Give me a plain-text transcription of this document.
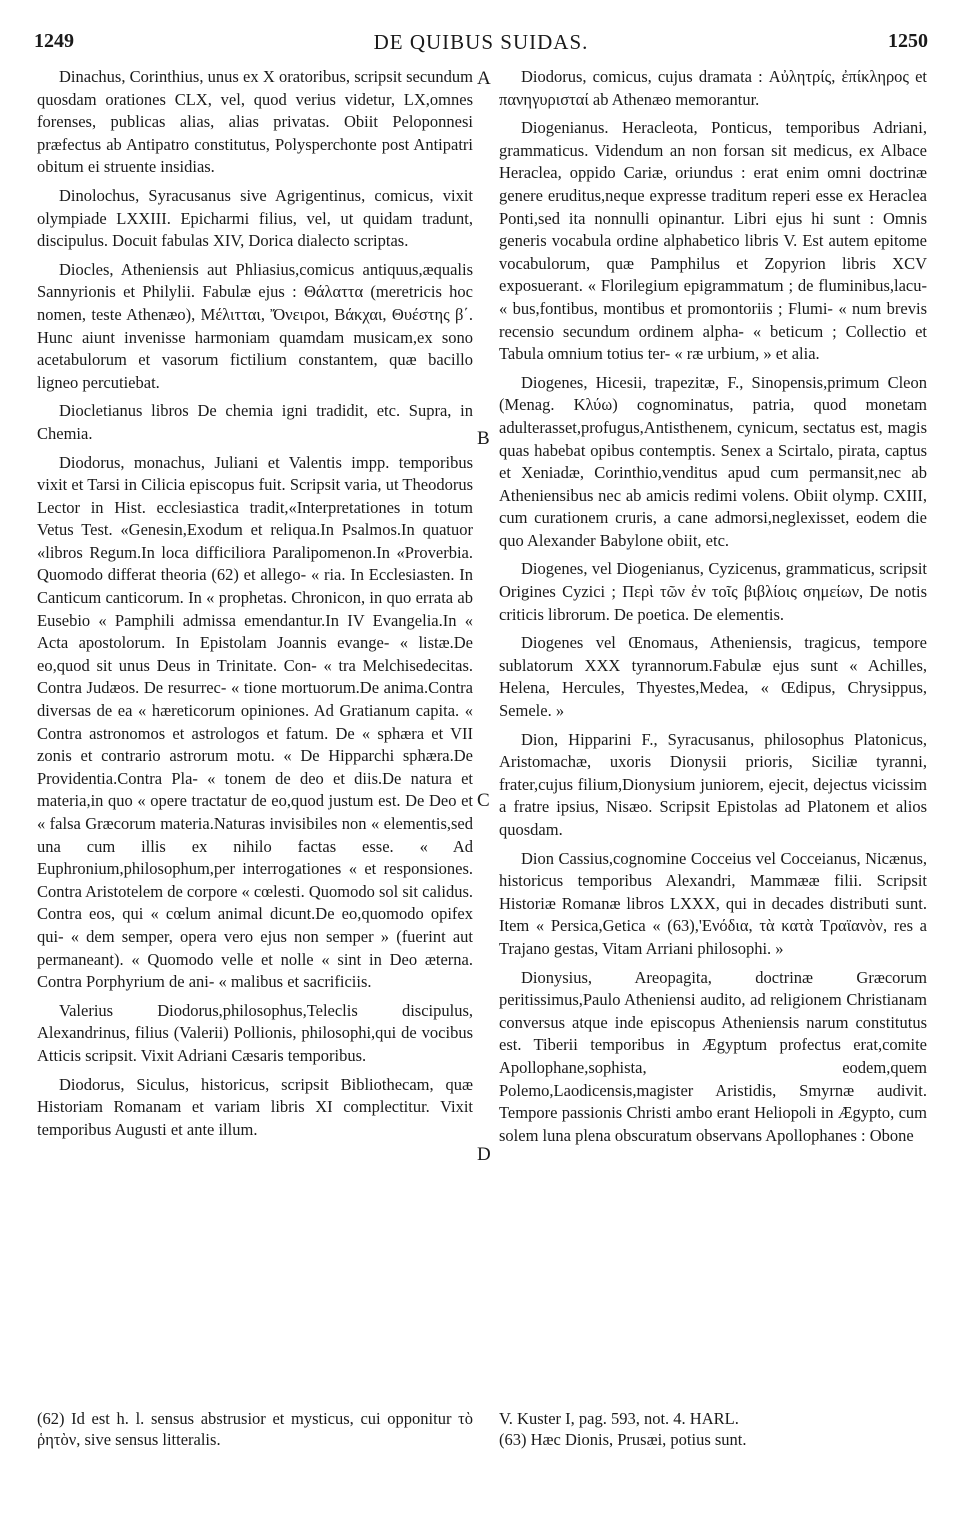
1249	DE QUIBUS SUIDAS.	1250
A
B
C
D

Dinachus, Corinthius, unus ex X oratoribus, scripsit secundum quosdam orationes CLX, vel, quod verius videtur, LX,omnes forenses, publicas alias, alias privatas. Obiit Peloponnesi præfectus ab Antipatro constitutus, Polysperchonte post Antipatri obitum ei struente insidias.

Dinolochus, Syracusanus sive Agrigentinus, comicus, vixit olympiade LXXIII. Epicharmi filius, vel, ut quidam tradunt, discipulus. Docuit fabulas XIV, Dorica dialecto scriptas.

Diocles, Atheniensis aut Phliasius,comicus antiquus,æqualis Sannyrionis et Philylii. Fabulæ ejus : Θάλαττα (meretricis hoc nomen, teste Athenæo), Μέλιτται, Ὄνειροι, Βάκχαι, Θυέστης β΄. Hunc aiunt invenisse harmoniam quamdam musicam,ex sono acetabulorum et vasorum fictilium constantem, quæ bacillo ligneo percutiebat.

Diocletianus libros De chemia igni tradidit, etc. Supra, in Chemia.

Diodorus, monachus, Juliani et Valentis impp. temporibus vixit et Tarsi in Cilicia episcopus fuit. Scripsit varia, ut Theodorus Lector in Hist. ecclesiastica tradit,«Interpretationes in totum Vetus Test. «Genesin,Exodum et reliqua.In Psalmos.In quatuor «libros Regum.In loca difficiliora Paralipomenon.In «Proverbia. Quomodo differat theoria (62) et allego- « ria. In Ecclesiasten. In Canticum canticorum. In « prophetas. Chronicon, in quo errata ab Eusebio « Pamphili admissa emendantur.In IV Evangelia.In « Acta apostolorum. In Epistolam Joannis evange- « listæ.De eo,quod sit unus Deus in Trinitate. Con- « tra Melchisedecitas. Contra Judæos. De resurrec- « tione mortuorum.De anima.Contra diversas de ea « hæreticorum opiniones. Ad Gratianum capita. « Contra astronomos et astrologos et fatum. De « sphæra et VII zonis et contrario astrorum motu. « De Hipparchi sphæra.De Providentia.Contra Pla- « tonem de deo et diis.De natura et materia,in quo « opere tractatur de eo,quod justum est. De Deo et « falsa Græcorum materia.Naturas invisibiles non « elementis,sed una cum illis ex nihilo factas esse. « Ad Euphronium,philosophum,per interrogationes « et responsiones. Contra Aristotelem de corpore « cœlesti. Quomodo sol sit calidus. Contra eos, qui « cœlum animal dicunt.De eo,quomodo opifex qui- « dem semper, opera vero ejus non semper » (fuerint aut permaneant). « Quomodo velle et nolle « sint in Deo æterna. Contra Porphyrium de ani- « malibus et sacrificiis.

Valerius Diodorus,philosophus,Teleclis discipulus, Alexandrinus, filius (Valerii) Pollionis, philosophi,qui de vocibus Atticis scripsit. Vixit Adriani Cæsaris temporibus.

Diodorus, Siculus, historicus, scripsit Bibliothecam, quæ Historiam Romanam et variam libris XI complectitur. Vixit temporibus Augusti et ante illum.

Diodorus, comicus, cujus dramata : Αὐλητρίς, ἐπίκληρος et πανηγυρισταί ab Athenæo memorantur.

Diogenianus. Heracleota, Ponticus, temporibus Adriani, grammaticus. Videndum an non forsan sit medicus, ex Albace Heraclea, oppido Cariæ, oriundus : erat enim omni doctrinæ genere eruditus,neque expresse traditum reperi esse ex Heraclea Ponti,sed ita nonnulli opinantur. Libri ejus hi sunt : Omnis generis vocabula ordine alphabetico libris V. Est autem epitome vocabulorum, quæ Pamphilus et Zopyrion libris XCV exposuerant. « Florilegium epigrammatum ; de fluminibus,lacu- « bus,fontibus, montibus et promontoriis ; Flumi- « num brevis recensio secundum ordinem alpha- « beticum ; Collectio et Tabula omnium totius ter- « ræ urbium, » et alia.

Diogenes, Hicesii, trapezitæ, F., Sinopensis,primum Cleon (Menag. Κλύω) cognominatus, patria, quod monetam adulterasset,profugus,Antisthenem, cynicum, sectatus est, magis quas habebat opibus contemptis. Senex a Scirtalo, pirata, captus et Xeniadæ, Corinthio,venditus apud cum permansit,nec ab Atheniensibus nec ab amicis redimi volens. Obiit olymp. CXIII, cum curationem cruris, a cane admorsi,neglexisset, eodem die quo Alexander Babylone obiit, etc.

Diogenes, vel Diogenianus, Cyzicenus, grammaticus, scripsit Origines Cyzici ; Περὶ τῶν ἐν τοῖς βιβλίοις σημείων, De notis criticis librorum. De poetica. De elementis.

Diogenes vel Œnomaus, Atheniensis, tragicus, tempore sublatorum XXX tyrannorum.Fabulæ ejus sunt « Achilles, Helena, Hercules, Thyestes,Medea, « Œdipus, Chrysippus, Semele. »

Dion, Hipparini F., Syracusanus, philosophus Platonicus, Aristomachæ, uxoris Dionysii prioris, Siciliæ tyranni, frater,cujus filium,Dionysium juniorem, ejecit, dejectus vicissim a fratre ipsius, Nisæo. Scripsit Epistolas ad Platonem et alios quosdam.

Dion Cassius,cognomine Cocceius vel Cocceianus, Nicænus, historicus temporibus Alexandri, Mammææ filii. Scripsit Historiæ Romanæ libros LXXX, qui in decades distributi sunt. Item « Persica,Getica « (63),'Ενόδια, τὰ κατὰ Τραϊανὸν, res a Trajano gestas, Vitam Arriani philosophi. »

Dionysius, Areopagita, doctrinæ Græcorum peritissimus,Paulo Atheniensi audito, ad religionem Christianam conversus atque inde episcopus Atheniensis narum constitutus est. Tiberii temporibus in Ægyptum profectus erat,comite Apollophane,sophista, eodem,quem Polemo,Laodicensis,magister Aristidis, Smyrnæ audivit. Tempore passionis Christi ambo erant Heliopoli in Ægypto, cum solem luna plena obscuratum observans Apollophanes : Obone

(62) Id est h. l. sensus abstrusior et mysticus, cui opponitur τὸ ῥητὸν, sive sensus litteralis.

V. Kuster I, pag. 593, not. 4. HARL.

(63) Hæc Dionis, Prusæi, potius sunt.
